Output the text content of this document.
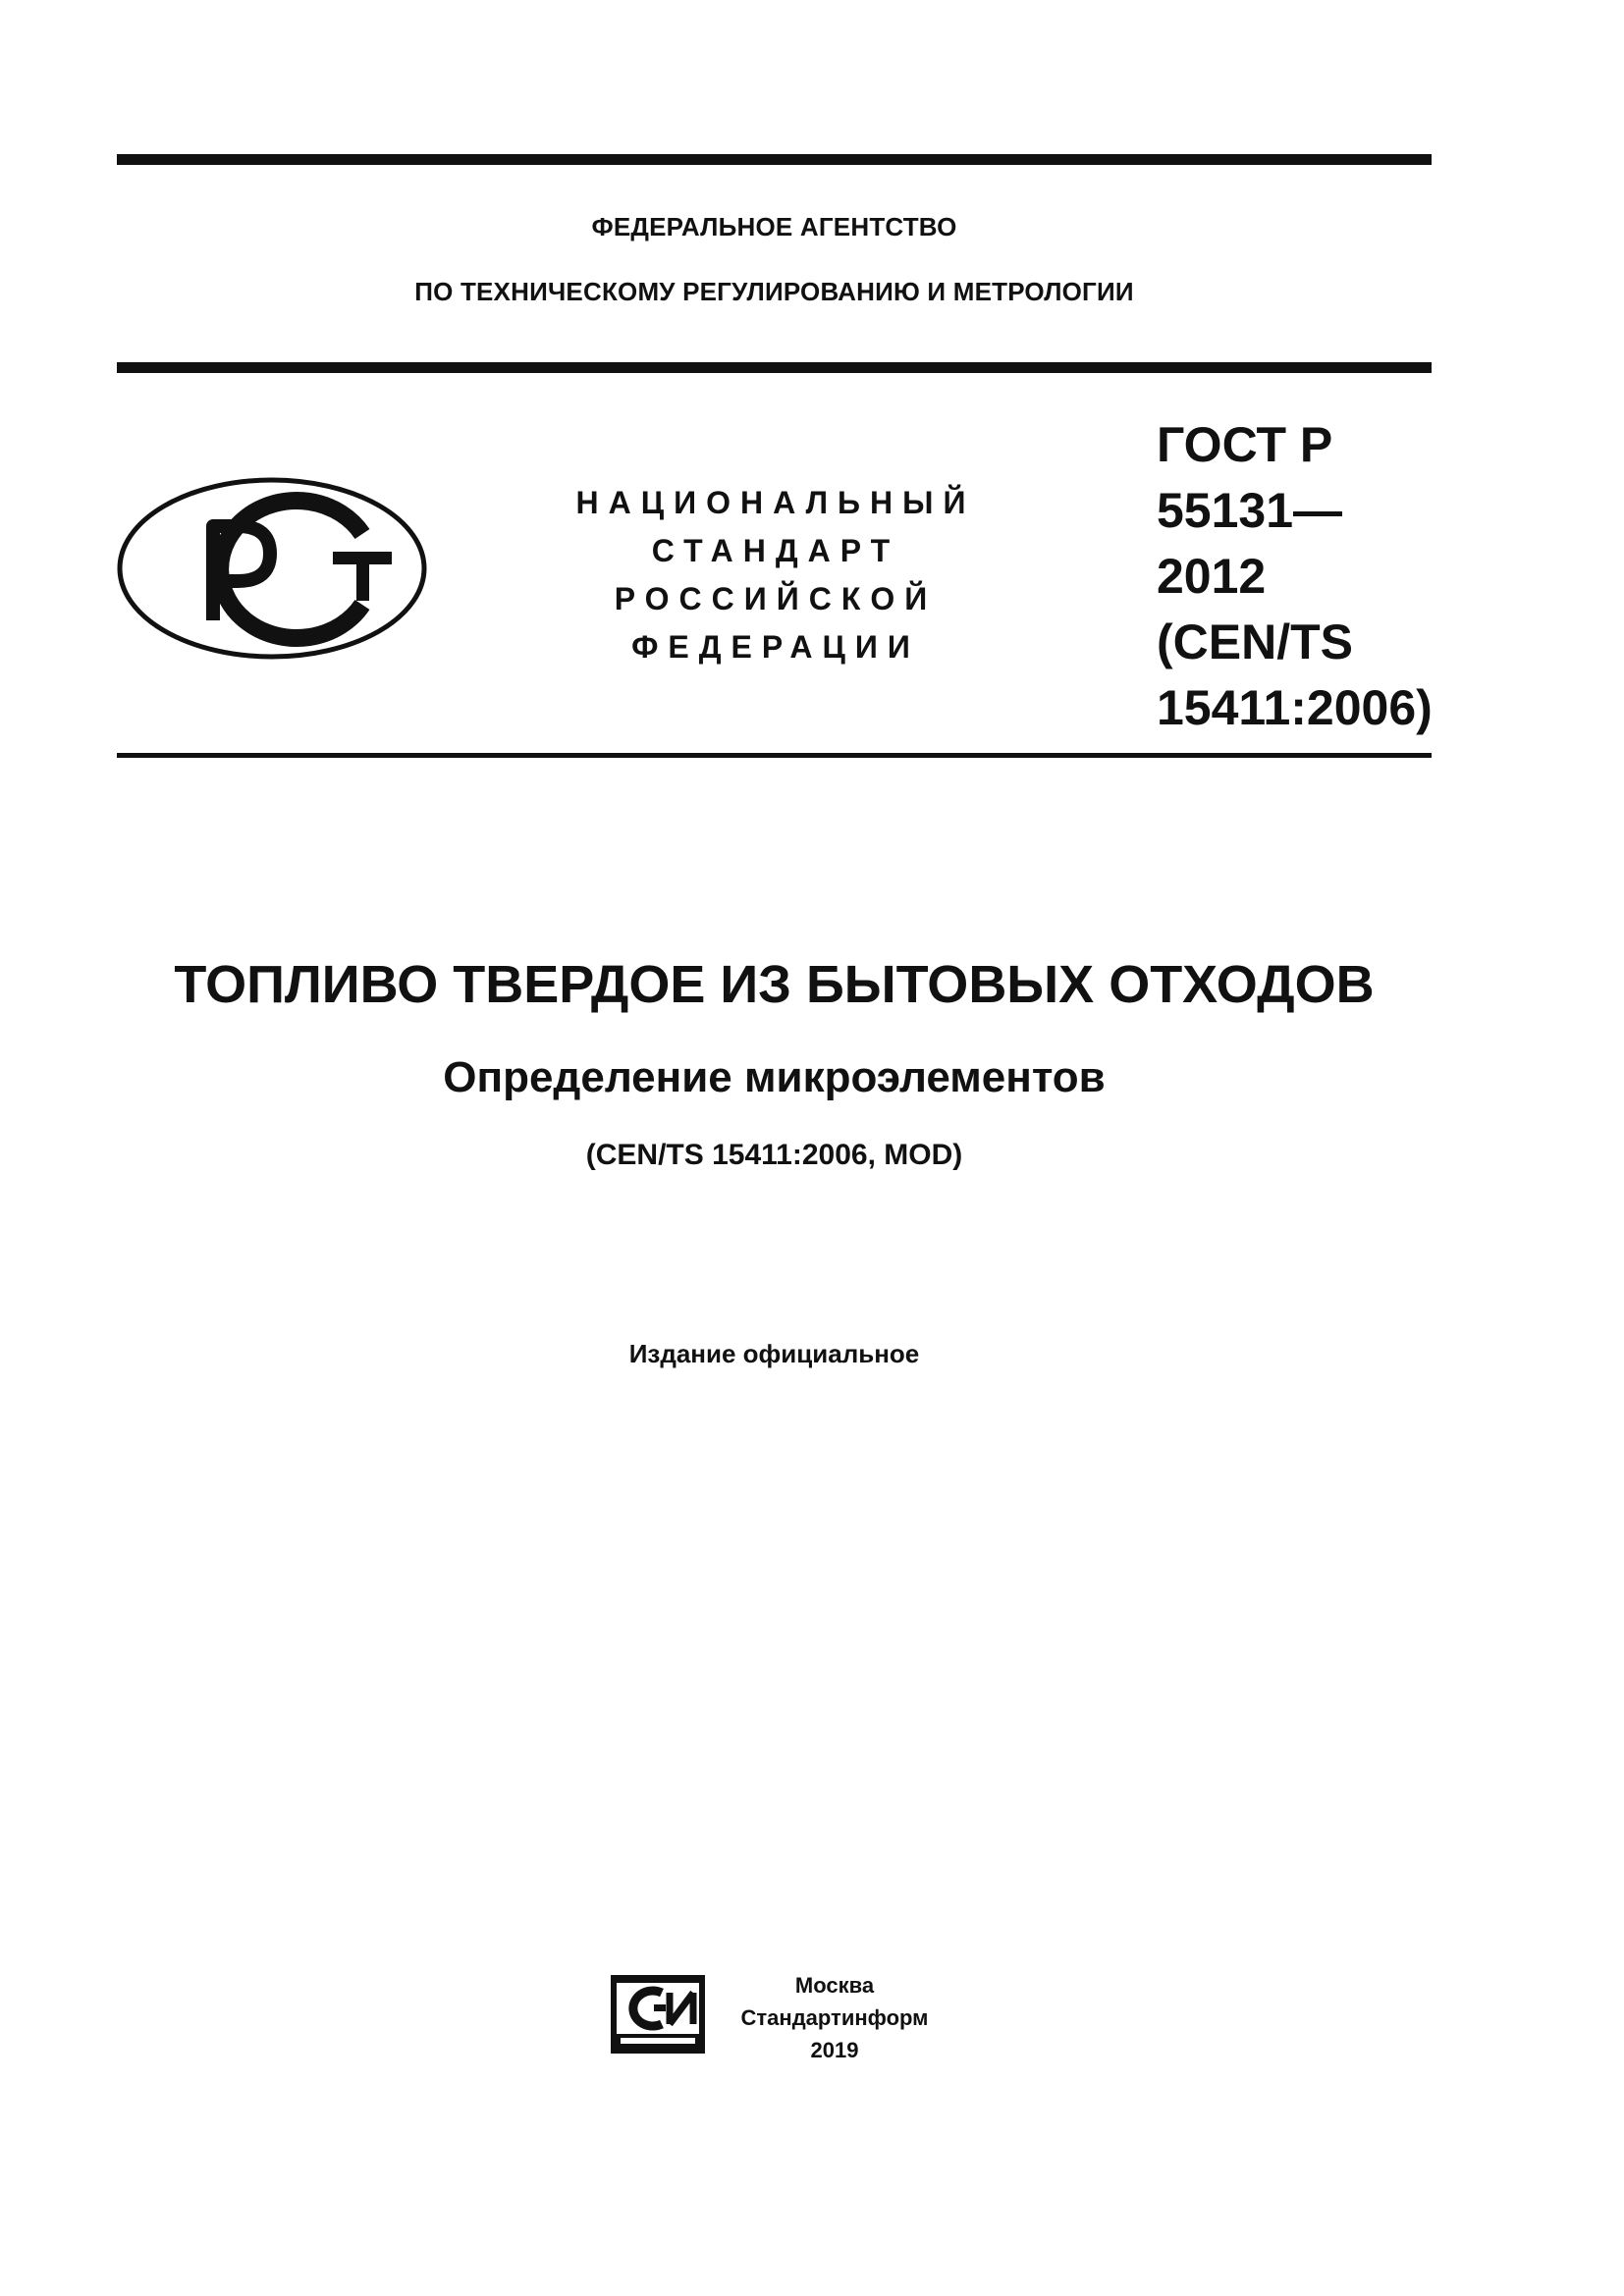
ФЕДЕРАЛЬНОЕ АГЕНТСТВО
ПО ТЕХНИЧЕСКОМУ РЕГУЛИРОВАНИЮ И МЕТРОЛОГИИ
НАЦИОНАЛЬНЫЙ
СТАНДАРТ
РОССИЙСКОЙ
ФЕДЕРАЦИИ
ГОСТ Р
55131—
2012
(CEN/TS
15411:2006)
ТОПЛИВО ТВЕРДОЕ ИЗ БЫТОВЫХ ОТХОДОВ
Определение микроэлементов
(CEN/TS 15411:2006, MOD)
Издание официальное
Москва
Стандартинформ
2019
